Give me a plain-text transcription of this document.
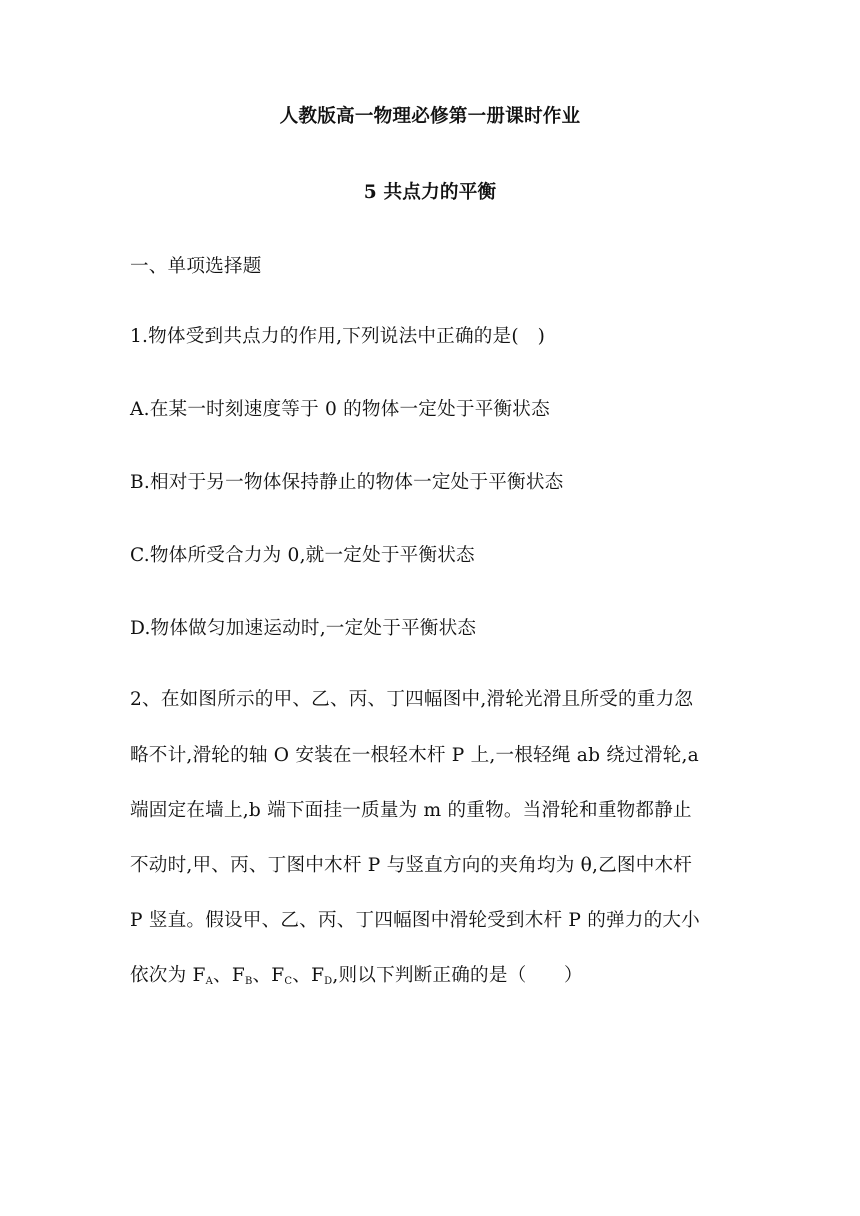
人教版高一物理必修第一册课时作业
5 共点力的平衡
一、单项选择题
1.物体受到共点力的作用,下列说法中正确的是( )
A.在某一时刻速度等于 0 的物体一定处于平衡状态
B.相对于另一物体保持静止的物体一定处于平衡状态
C.物体所受合力为 0,就一定处于平衡状态
D.物体做匀加速运动时,一定处于平衡状态
2、在如图所示的甲、乙、丙、丁四幅图中,滑轮光滑且所受的重力忽
略不计,滑轮的轴 O 安装在一根轻木杆 P 上,一根轻绳 ab 绕过滑轮,a
端固定在墙上,b 端下面挂一质量为 m 的重物。当滑轮和重物都静止
不动时,甲、丙、丁图中木杆 P 与竖直方向的夹角均为 θ,乙图中木杆
P 竖直。假设甲、乙、丙、丁四幅图中滑轮受到木杆 P 的弹力的大小
依次为 $F_A$、$F_B$、$F_C$、$F_D$,则以下判断正确的是（  ）
